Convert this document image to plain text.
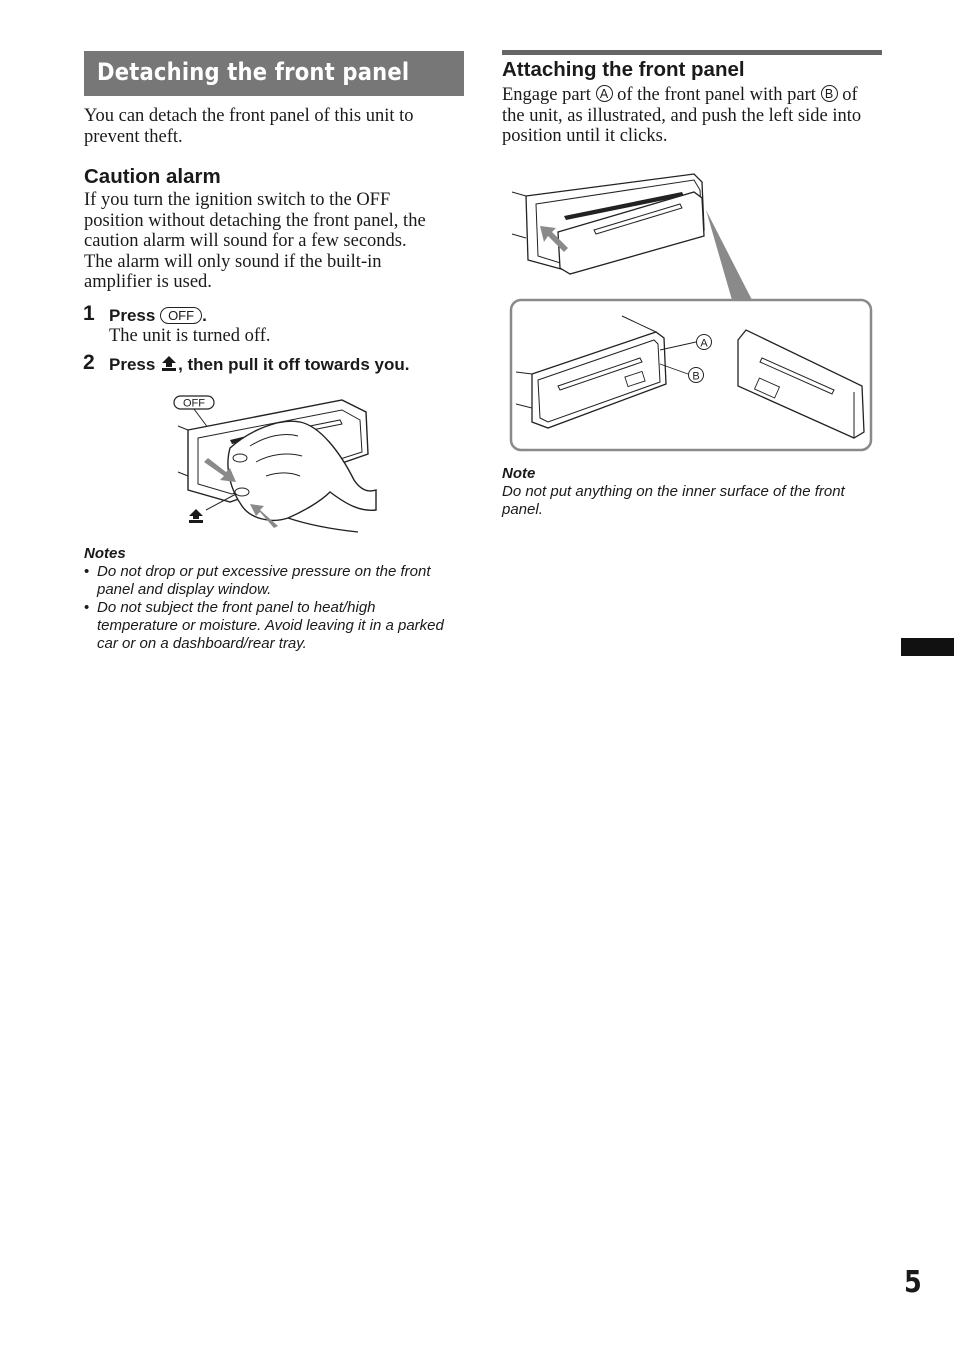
Detaching the front panel
You can detach the front panel of this unit to
prevent theft.
Caution alarm
If you turn the ignition switch to the OFF
position without detaching the front panel, the
caution alarm will sound for a few seconds.
The alarm will only sound if the built-in
amplifier is used.
1 Press OFF .
The unit is turned off.
2 Press , then pull it off towards you.
OFF
Notes
• Do not drop or put excessive pressure on the front
panel and display window.
• Do not subject the front panel to heat/high
temperature or moisture. Avoid leaving it in a parked
car or on a dashboard/rear tray.
Attaching the front panel
Engage part A of the front panel with part B of
the unit, as illustrated, and push the left side into
position until it clicks.
A
B
Note
Do not put anything on the inner surface of the front
panel.
5
